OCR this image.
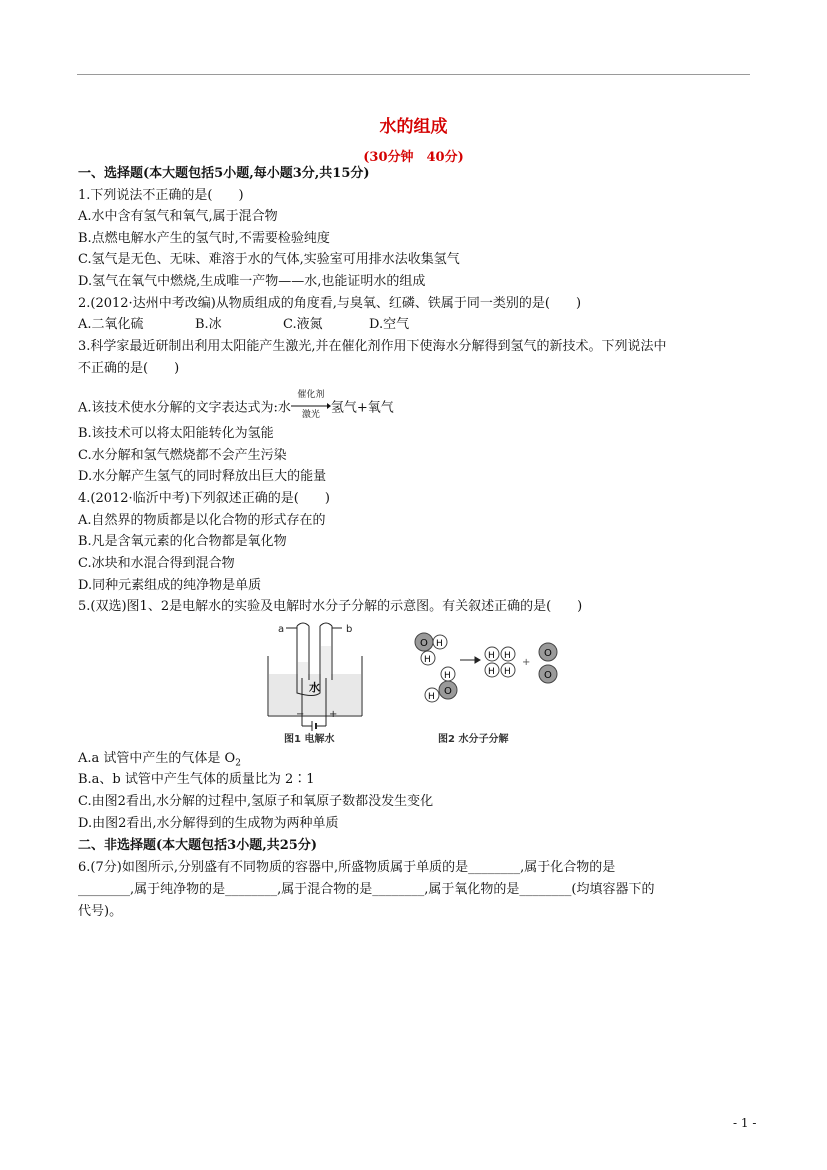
水的组成
(30分钟　40分)
一、选择题(本大题包括5小题,每小题3分,共15分)
1.下列说法不正确的是(　　)
A.水中含有氢气和氧气,属于混合物
B.点燃电解水产生的氢气时,不需要检验纯度
C.氢气是无色、无味、难溶于水的气体,实验室可用排水法收集氢气
D.氢气在氧气中燃烧,生成唯一产物——水,也能证明水的组成
2.(2012·达州中考改编)从物质组成的角度看,与臭氧、红磷、铁属于同一类别的是(　　)
A.二氧化硫	B.冰	C.液氮	D.空气
3.科学家最近研制出利用太阳能产生激光,并在催化剂作用下使海水分解得到氢气的新技术。下列说法中
不正确的是(　　)
A.该技术使水分解的文字表达式为:水
催化剂
激光 氢气+氧气
B.该技术可以将太阳能转化为氢能
C.水分解和氢气燃烧都不会产生污染
D.水分解产生氢气的同时释放出巨大的能量
4.(2012·临沂中考)下列叙述正确的是(　　)
A.自然界的物质都是以化合物的形式存在的
B.凡是含氧元素的化合物都是氧化物
C.冰块和水混合得到混合物
D.同种元素组成的纯净物是单质
5.(双选)图1、2是电解水的实验及电解时水分子分解的示意图。有关叙述正确的是(　　)
a	b
水
− +
图1 电解水
O H
H
O
H
H
H H
H H
+
O
O
图2 水分子分解
A.a 试管中产生的气体是 $O_2$
B.a、b 试管中产生气体的质量比为 2∶1
C.由图2看出,水分解的过程中,氢原子和氧原子数都没发生变化
D.由图2看出,水分解得到的生成物为两种单质
二、非选择题(本大题包括3小题,共25分)
6.(7分)如图所示,分别盛有不同物质的容器中,所盛物质属于单质的是________,属于化合物的是
________,属于纯净物的是________,属于混合物的是________,属于氧化物的是________(均填容器下的
代号)。
- 1 -
